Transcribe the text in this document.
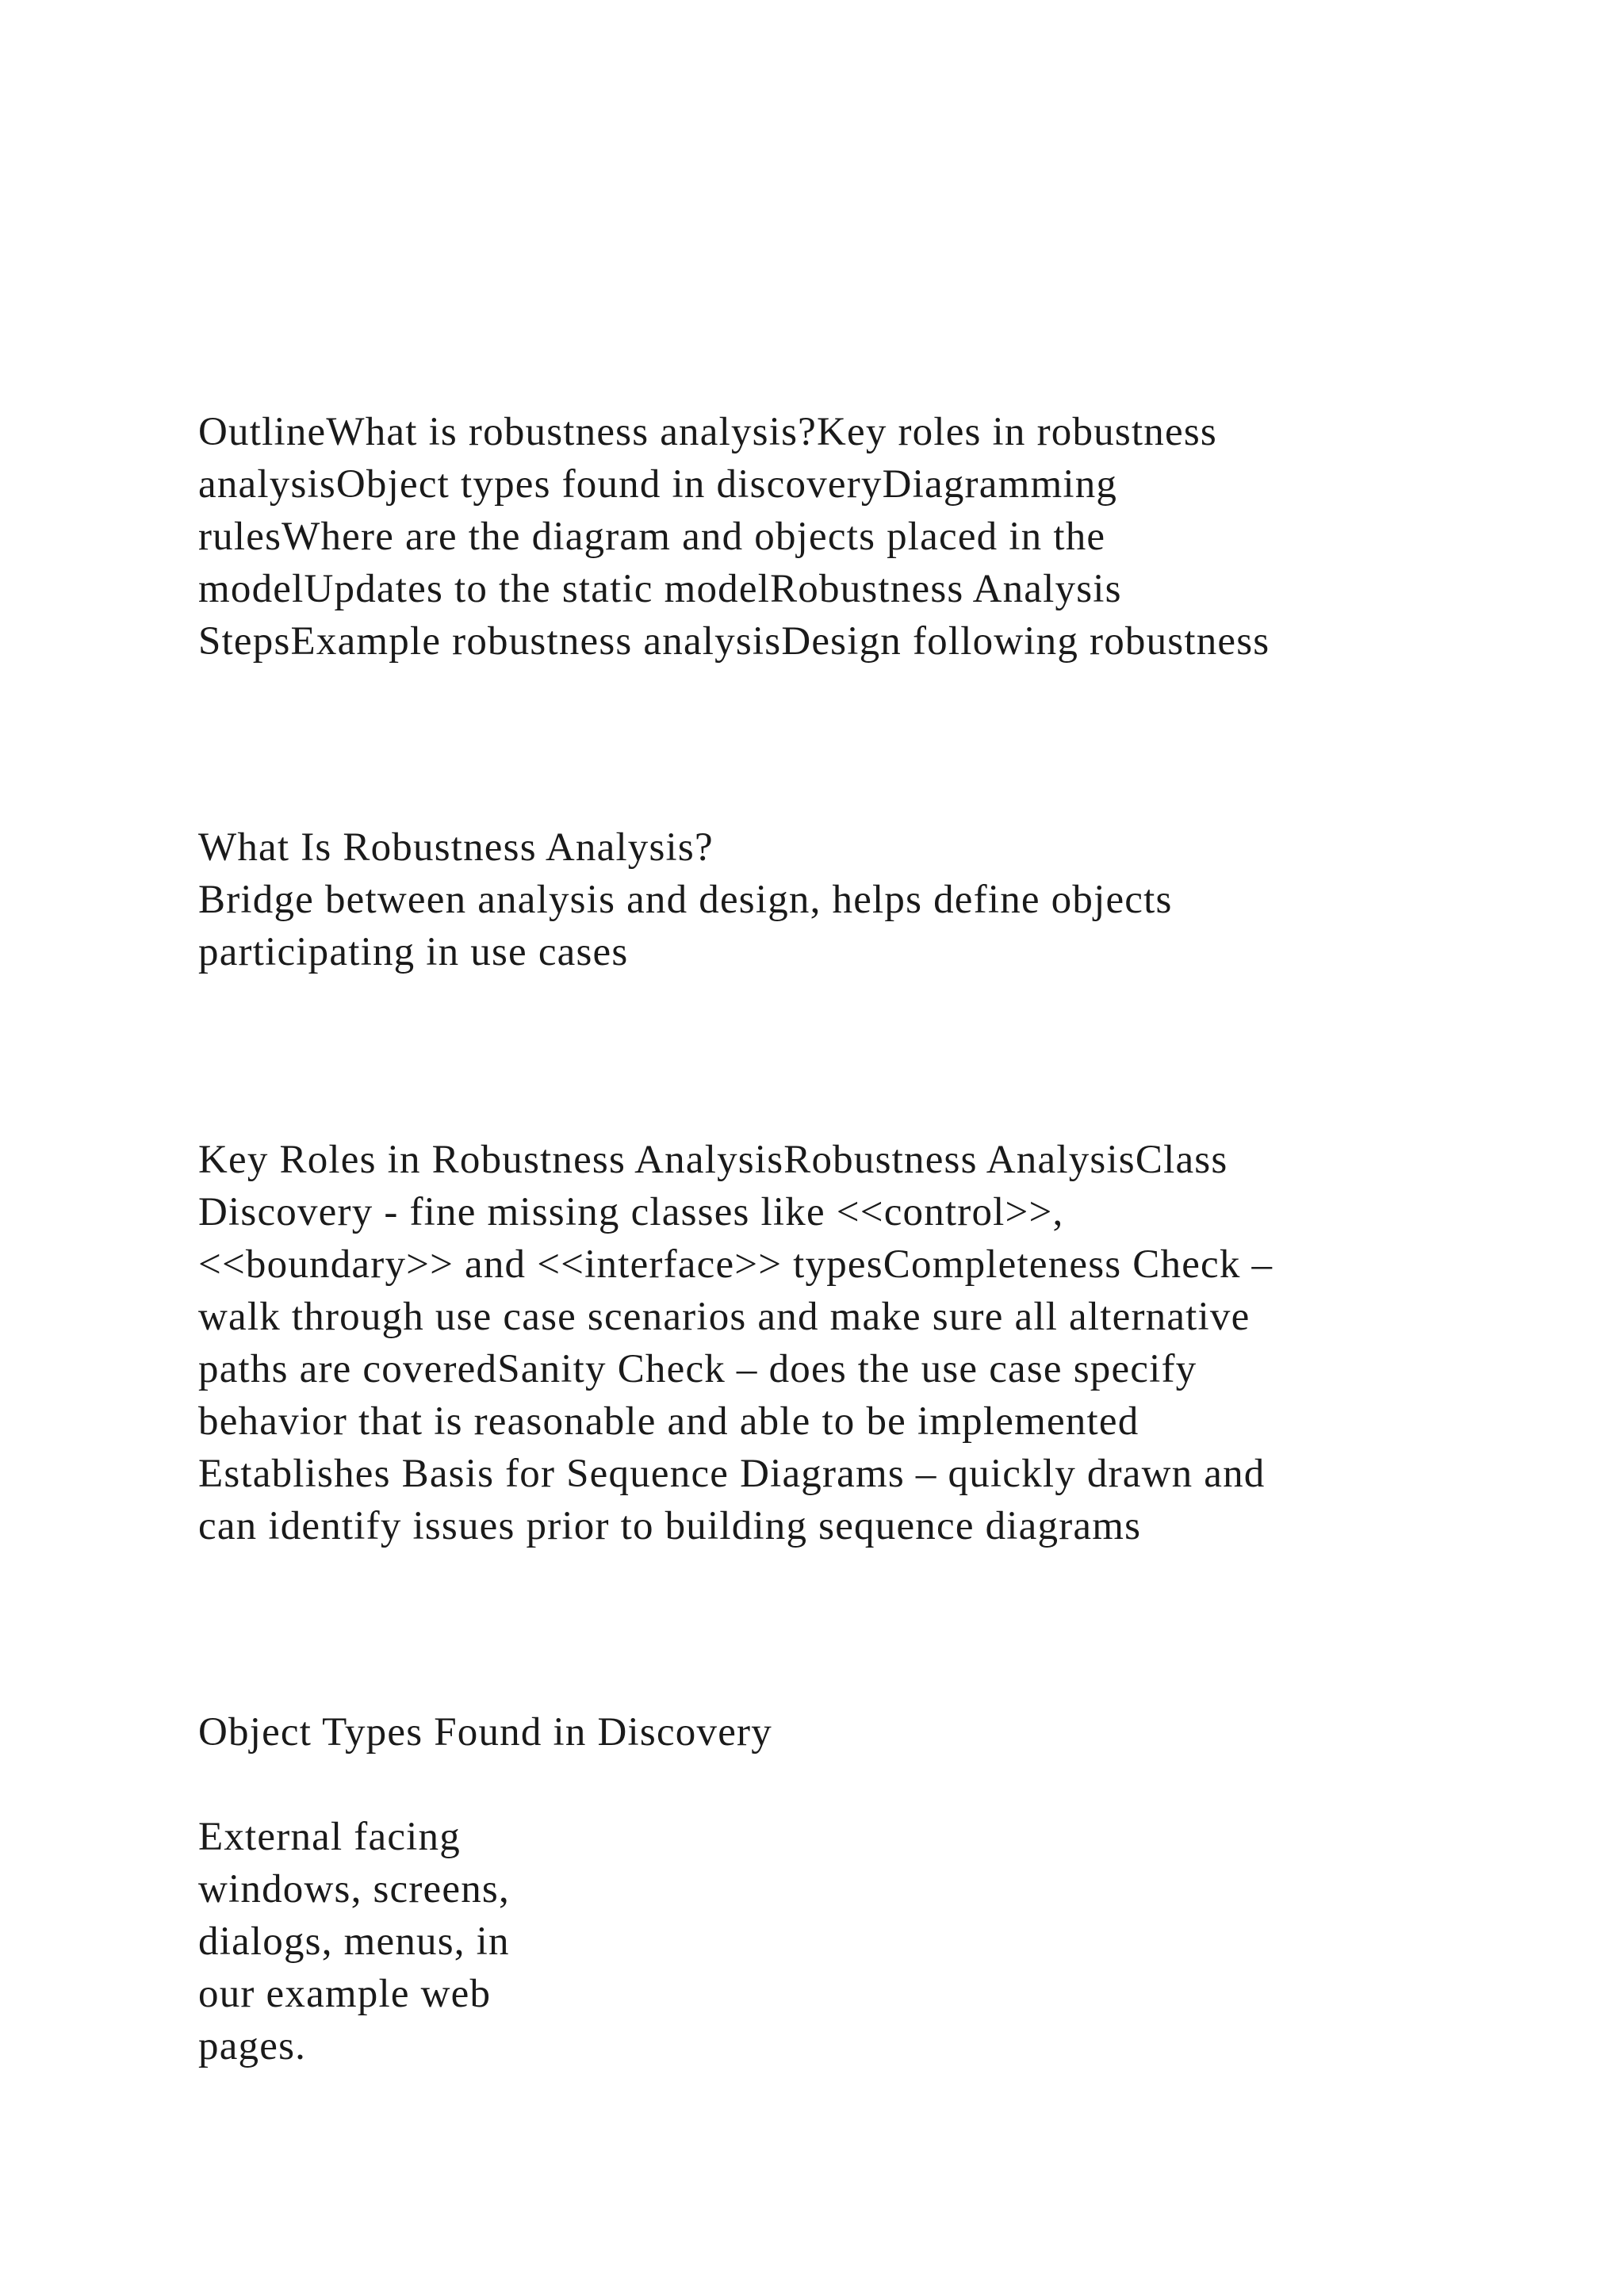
OutlineWhat is robustness analysis?Key roles in robustness

analysisObject types found in discoveryDiagramming

rulesWhere are the diagram and objects placed in the

modelUpdates to the static modelRobustness Analysis

StepsExample robustness analysisDesign following robustness

What Is Robustness Analysis?

Bridge between analysis and design, helps define objects

participating in use cases

Key Roles in Robustness AnalysisRobustness AnalysisClass

Discovery - fine missing classes like <<control>>,

<<boundary>> and <<interface>> typesCompleteness Check –

walk through use case scenarios and make sure all alternative

paths are coveredSanity Check – does the use case specify

behavior that is reasonable and able to be implemented

Establishes Basis for Sequence Diagrams – quickly drawn and

can identify issues prior to building sequence diagrams

Object Types Found in Discovery

External facing

windows, screens,

dialogs, menus, in

our example web

pages.
